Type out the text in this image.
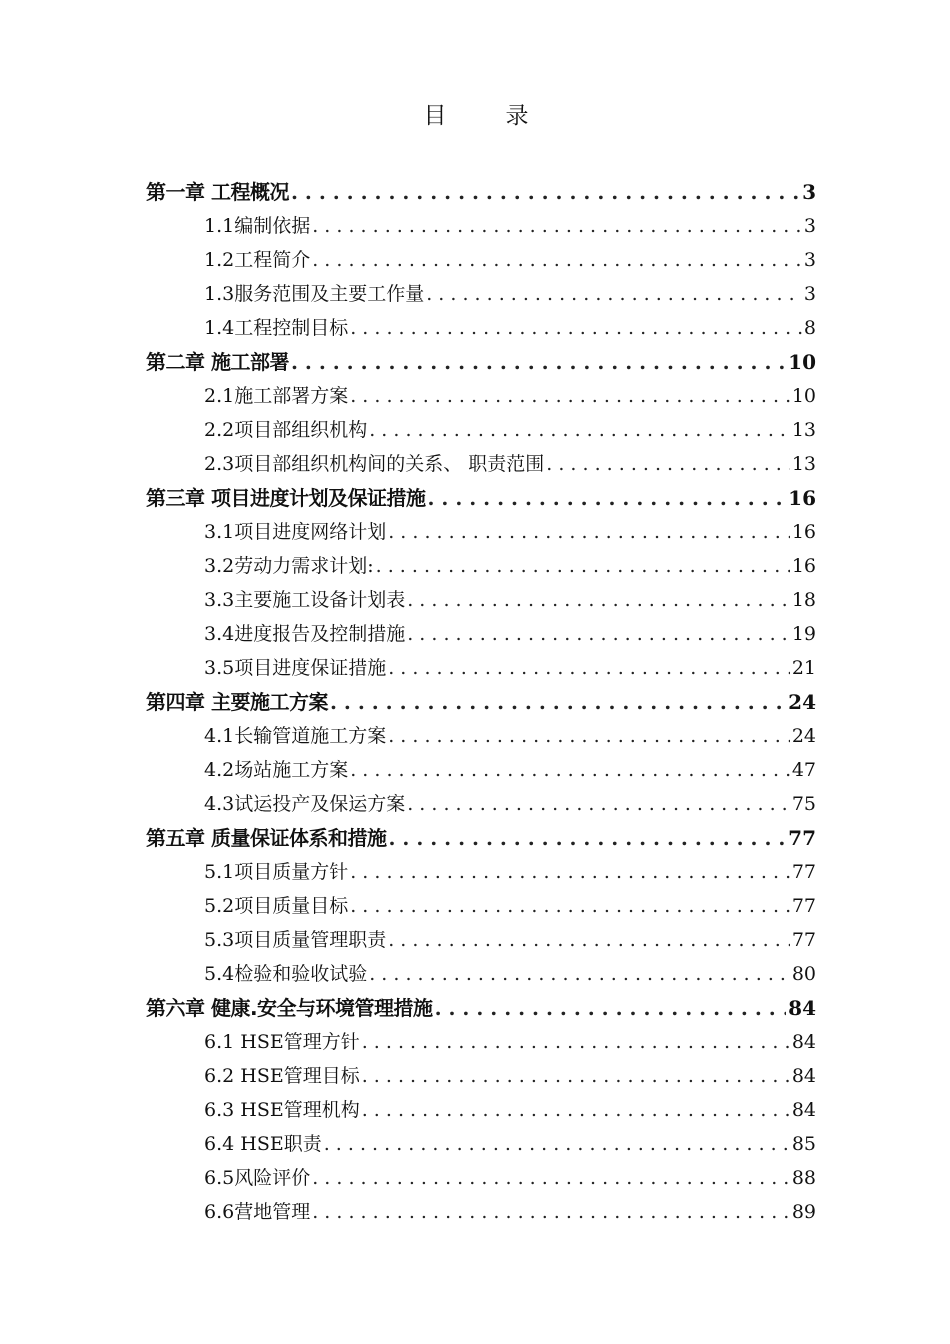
目　录
第一章 工程概况 . . .	3
1.1编制依据 . . .	3
1.2工程简介 . . .	3
1.3服务范围及主要工作量 . . .	3
1.4工程控制目标 . . .	8
第二章 施工部署 . . .	10
2.1施工部署方案 . . .	10
2.2项目部组织机构 . . .	13
2.3项目部组织机构间的关系、 职责范围 . . .	13
第三章 项目进度计划及保证措施 . . .	16
3.1项目进度网络计划 . . .	16
3.2劳动力需求计划: . . .	16
3.3主要施工设备计划表 . . .	18
3.4进度报告及控制措施 . . .	19
3.5项目进度保证措施 . . .	21
第四章 主要施工方案 . . .	24
4.1长输管道施工方案 . . .	24
4.2场站施工方案 . . .	47
4.3试运投产及保运方案 . . .	75
第五章 质量保证体系和措施 . . .	77
5.1项目质量方针 . . .	77
5.2项目质量目标 . . .	77
5.3项目质量管理职责 . . .	77
5.4检验和验收试验 . . .	80
第六章 健康.安全与环境管理措施 . . .	84
6.1 HSE管理方针 . . .	84
6.2 HSE管理目标 . . .	84
6.3 HSE管理机构 . . .	84
6.4 HSE职责 . . .	85
6.5风险评价 . . .	88
6.6营地管理 . . .	89
